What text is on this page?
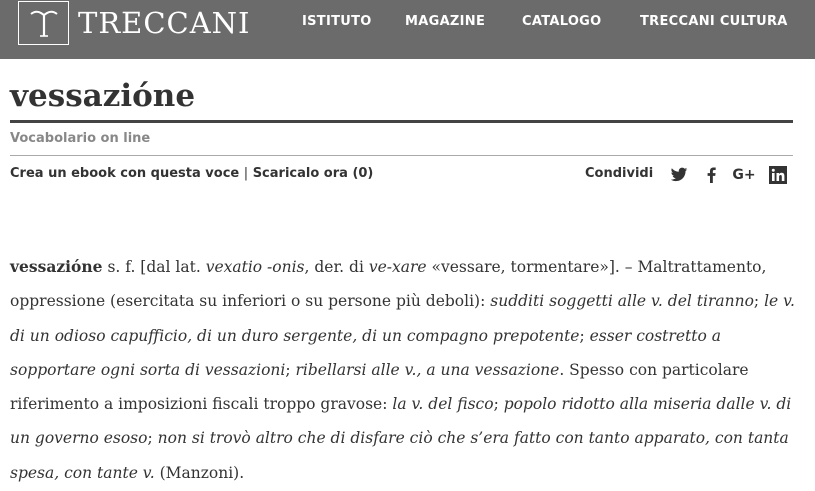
TRECCANI	ISTITUTO	MAGAZINE	CATALOGO	TRECCANI CULTURA
vessazióne
Vocabolario on line
Crea un ebook con questa voce | Scaricalo ora (0)	Condividi	G+
vessazióne s. f. [dal lat. vexatio -onis, der. di ve-xare «vessare, tormentare»]. – Maltrattamento, oppressione (esercitata su inferiori o su persone più deboli): sudditi soggetti alle v. del tiranno; le v. di un odioso capufficio, di un duro sergente, di un compagno prepotente; esser costretto a sopportare ogni sorta di vessazioni; ribellarsi alle v., a una vessazione. Spesso con particolare riferimento a imposizioni fiscali troppo gravose: la v. del fisco; popolo ridotto alla miseria dalle v. di un governo esoso; non si trovò altro che di disfare ciò che s’era fatto con tanto apparato, con tanta spesa, con tante v. (Manzoni).
